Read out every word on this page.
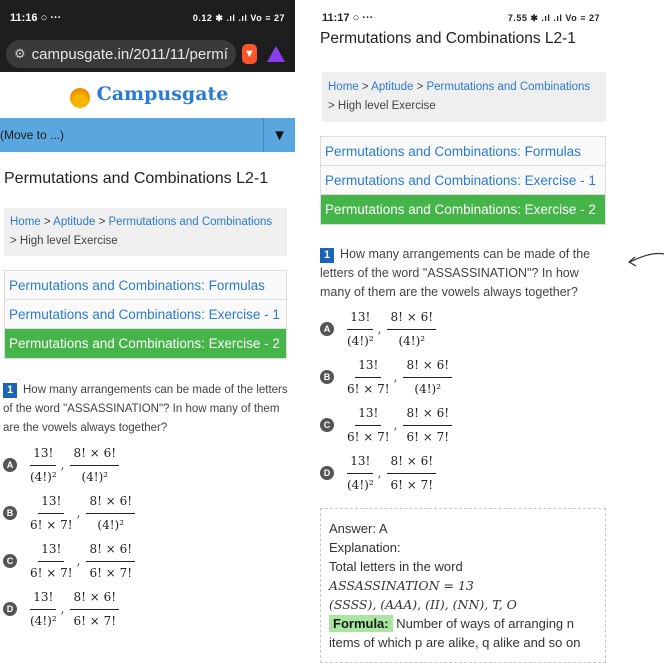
11:16 ○ ···	0.12 ✱ .ıl .ıl Vo ≡ 27
⚙ campusgate.in/2011/11/permí ▼
Campusgate
(Move to ...)	▼
Permutations and Combinations L2-1
Home > Aptitude > Permutations and Combinations
> High level Exercise
Permutations and Combinations: Formulas
Permutations and Combinations: Exercise - 1
Permutations and Combinations: Exercise - 2
1 How many arrangements can be made of the letters of the word "ASSASSINATION"? In how many of them are the vowels always together?
A	$\frac{13!}{\text{(4!)²}}$ , $\frac{8! \times 6!}{\text{(4!)²}}$
B	$\frac{13!}{6! \times 7!}$ , $\frac{8! \times 6!}{\text{(4!)²}}$
C	$\frac{13!}{6! \times 7!}$ , $\frac{8! \times 6!}{6! \times 7!}$
D	$\frac{13!}{\text{(4!)²}}$ , $\frac{8! \times 6!}{6! \times 7!}$
11:17 ○ ···	7.55 ✱ .ıl .ıl Vo ≡ 27
Permutations and Combinations L2-1
Home > Aptitude > Permutations and Combinations
> High level Exercise
Permutations and Combinations: Formulas
Permutations and Combinations: Exercise - 1
Permutations and Combinations: Exercise - 2
1 How many arrangements can be made of the letters of the word "ASSASSINATION"? In how many of them are the vowels always together?
A	$\frac{13!}{\text{(4!)²}}$ , $\frac{8! \times 6!}{\text{(4!)²}}$
B	$\frac{13!}{6! \times 7!}$ , $\frac{8! \times 6!}{\text{(4!)²}}$
C	$\frac{13!}{6! \times 7!}$ , $\frac{8! \times 6!}{6! \times 7!}$
D	$\frac{13!}{\text{(4!)²}}$ , $\frac{8! \times 6!}{6! \times 7!}$
Answer: A
Explanation:
Total letters in the word
ASSASSINATION = 13
(SSSS), (AAA), (II), (NN), T, O
Formula: Number of ways of arranging n items of which p are alike, q alike and so on
